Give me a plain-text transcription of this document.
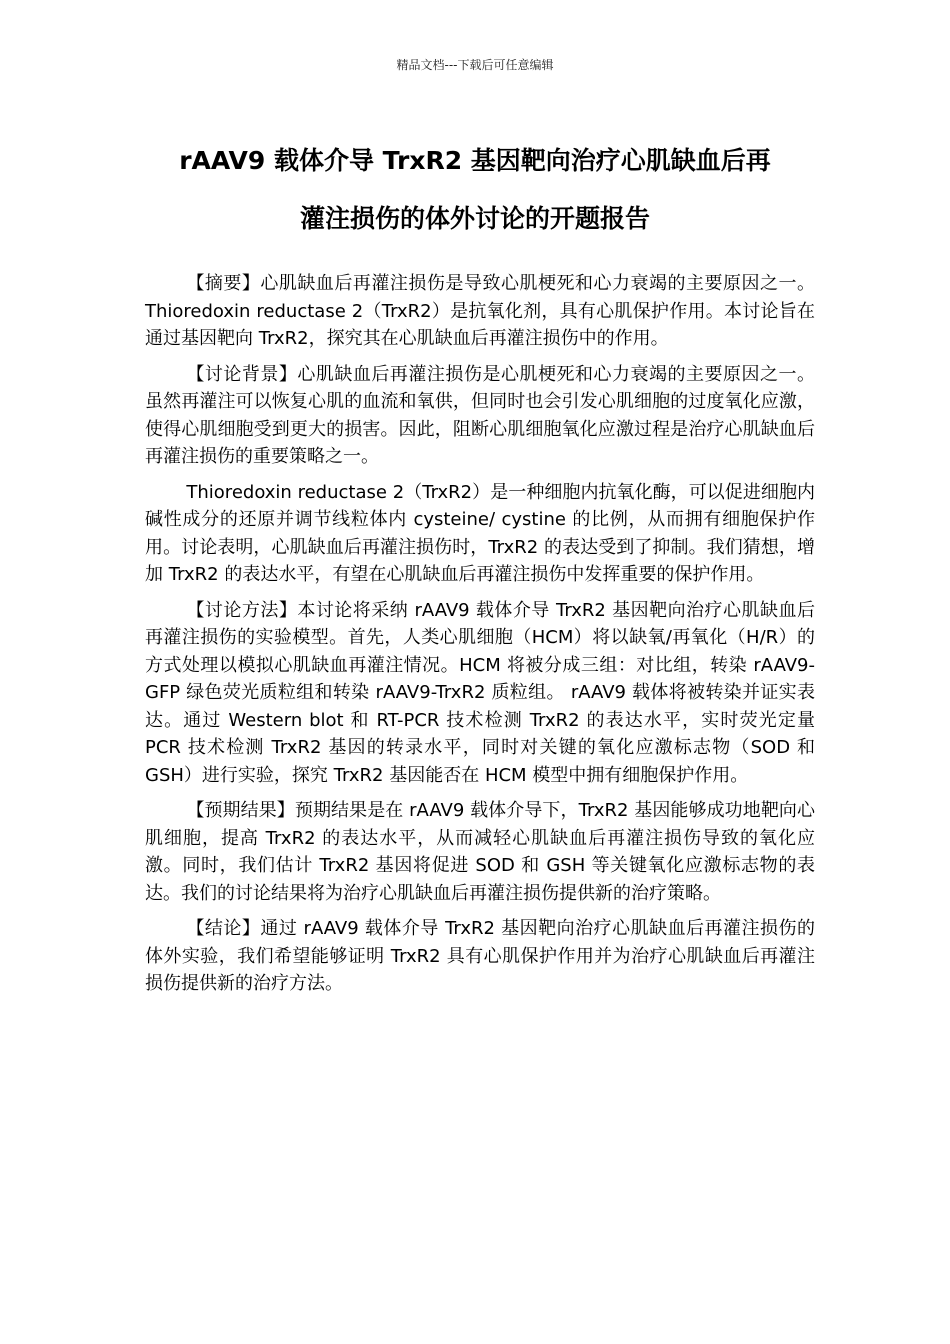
精品文档---下载后可任意编辑
rAAV9 载体介导 TrxR2 基因靶向治疗心肌缺血后再
灌注损伤的体外讨论的开题报告

【摘要】心肌缺血后再灌注损伤是导致心肌梗死和心力衰竭的主要原因之一。Thioredoxin reductase 2（TrxR2）是抗氧化剂，具有心肌保护作用。本讨论旨在通过基因靶向 TrxR2，探究其在心肌缺血后再灌注损伤中的作用。

【讨论背景】心肌缺血后再灌注损伤是心肌梗死和心力衰竭的主要原因之一。虽然再灌注可以恢复心肌的血流和氧供，但同时也会引发心肌细胞的过度氧化应激，使得心肌细胞受到更大的损害。因此，阻断心肌细胞氧化应激过程是治疗心肌缺血后再灌注损伤的重要策略之一。

Thioredoxin reductase 2（TrxR2）是一种细胞内抗氧化酶，可以促进细胞内碱性成分的还原并调节线粒体内 cysteine/ cystine 的比例，从而拥有细胞保护作用。讨论表明，心肌缺血后再灌注损伤时，TrxR2 的表达受到了抑制。我们猜想，增加 TrxR2 的表达水平，有望在心肌缺血后再灌注损伤中发挥重要的保护作用。

【讨论方法】本讨论将采纳 rAAV9 载体介导 TrxR2 基因靶向治疗心肌缺血后再灌注损伤的实验模型。首先，人类心肌细胞（HCM）将以缺氧/再氧化（H/R）的方式处理以模拟心肌缺血再灌注情况。HCM 将被分成三组：对比组，转染 rAAV9-GFP 绿色荧光质粒组和转染 rAAV9-TrxR2 质粒组。 rAAV9 载体将被转染并证实表达。通过 Western blot 和 RT-PCR 技术检测 TrxR2 的表达水平，实时荧光定量 PCR 技术检测 TrxR2 基因的转录水平，同时对关键的氧化应激标志物（SOD 和 GSH）进行实验，探究 TrxR2 基因能否在 HCM 模型中拥有细胞保护作用。

【预期结果】预期结果是在 rAAV9 载体介导下，TrxR2 基因能够成功地靶向心肌细胞，提高 TrxR2 的表达水平，从而减轻心肌缺血后再灌注损伤导致的氧化应激。同时，我们估计 TrxR2 基因将促进 SOD 和 GSH 等关键氧化应激标志物的表达。我们的讨论结果将为治疗心肌缺血后再灌注损伤提供新的治疗策略。

【结论】通过 rAAV9 载体介导 TrxR2 基因靶向治疗心肌缺血后再灌注损伤的体外实验，我们希望能够证明 TrxR2 具有心肌保护作用并为治疗心肌缺血后再灌注损伤提供新的治疗方法。
